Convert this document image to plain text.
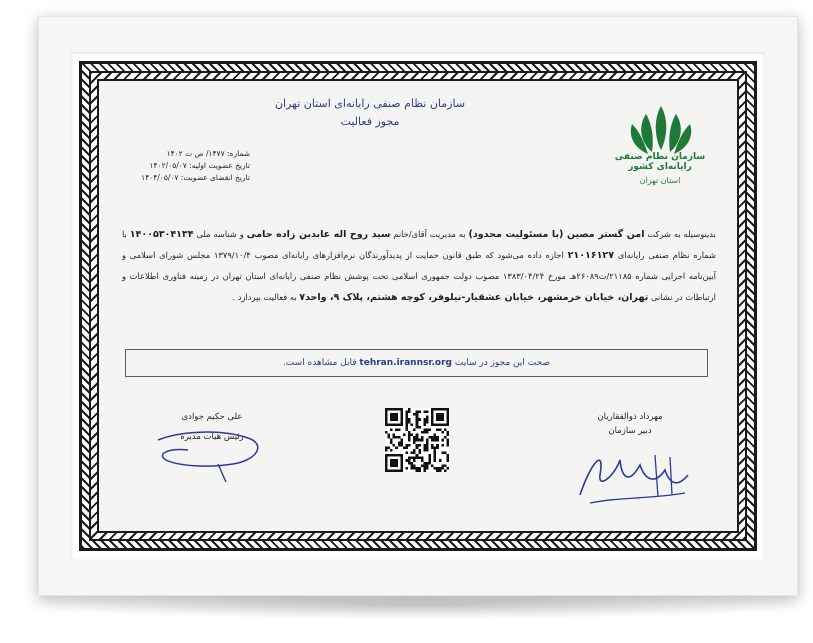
سازمان نظام صنفی رایانه‌ای استان تهران
مجوز فعالیت
سازمان نظام صنفی رایانه‌ای کشور
استان تهران
شماره: ۱۴۷۷/ ص ت ۱۴۰۲
تاریخ عضویت اولیه: ۱۴۰۲/۰۵/۰۷
تاریخ انقضای عضویت: ۱۴۰۴/۰۵/۰۷
بدینوسیله به شرکت امن گستر مصین (با مسئولیت محدود) به مدیریت آقای/خانم سید روح اله عابدین زاده حامی و شناسه ملی ۱۴۰۰۵۳۰۴۱۳۴ با شماره نظام صنفی رایانه‌ای ۲۱۰۱۶۱۲۷ اجازه داده می‌شود که طبق قانون حمایت از پدیدآورندگان نرم‌افزارهای رایانه‌ای مصوب ۱۳۷۹/۱۰/۴ مجلس شورای اسلامی و آیین‌نامه اجرایی شماره ۲۱۱۸۵/ت۲۶۰۸۹هـ مورخ ۱۳۸۳/۰۴/۲۴ مصوب دولت جمهوری اسلامی تحت پوشش نظام صنفی رایانه‌ای استان تهران در زمینه فناوری اطلاعات و ارتباطات در نشانی تهران، خیابان خرمشهر، خیابان عشقیار-نیلوفر، کوچه هشتم، پلاک ۹، واحد۷ به فعالیت بپردازد .
صحت این مجوز در سایت tehran.irannsr.org قابل مشاهده است.
مهرداد ذوالفقاریان
دبیر سازمان
علی حکیم جوادی
رئیس هیات مدیره
